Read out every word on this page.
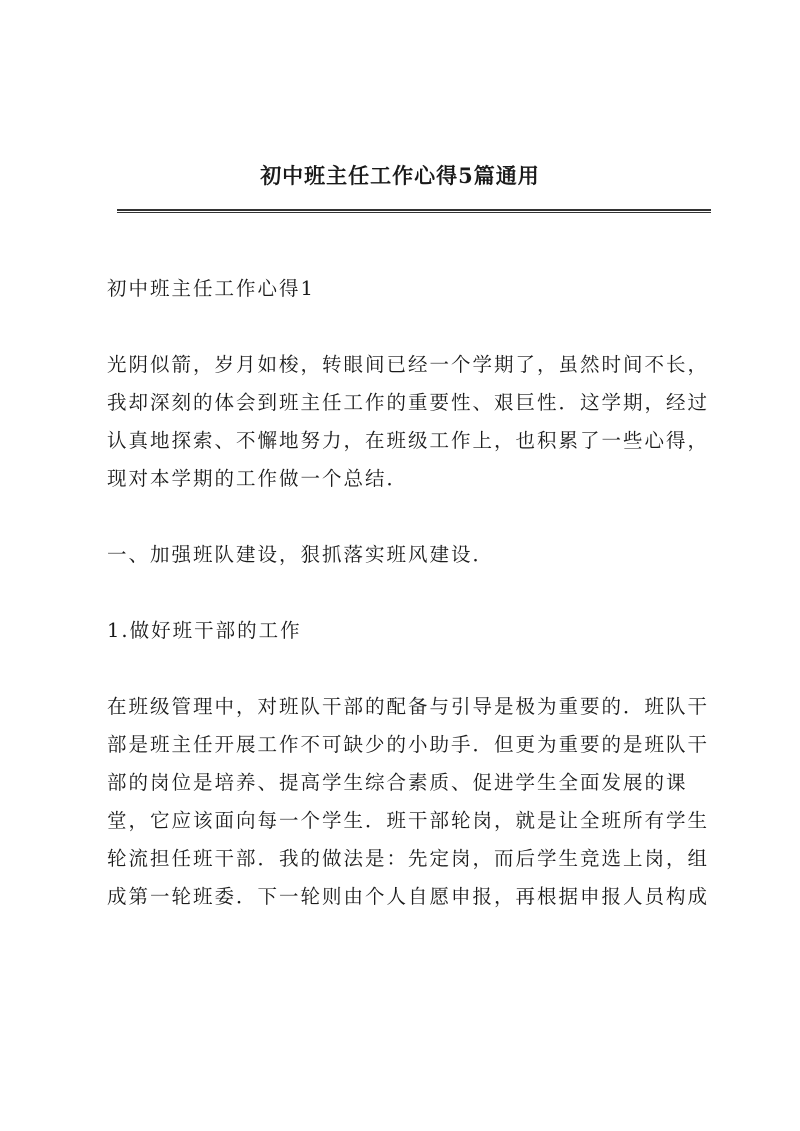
初中班主任工作心得5篇通用

初中班主任工作心得1

光阴似箭，岁月如梭，转眼间已经一个学期了，虽然时间不长，
我却深刻的体会到班主任工作的重要性、艰巨性．这学期，经过
认真地探索、不懈地努力，在班级工作上，也积累了一些心得，
现对本学期的工作做一个总结．

一、加强班队建设，狠抓落实班风建设．

1.做好班干部的工作

在班级管理中，对班队干部的配备与引导是极为重要的．班队干
部是班主任开展工作不可缺少的小助手．但更为重要的是班队干
部的岗位是培养、提高学生综合素质、促进学生全面发展的课
堂，它应该面向每一个学生．班干部轮岗，就是让全班所有学生
轮流担任班干部．我的做法是：先定岗，而后学生竞选上岗，组
成第一轮班委．下一轮则由个人自愿申报，再根据申报人员构成
